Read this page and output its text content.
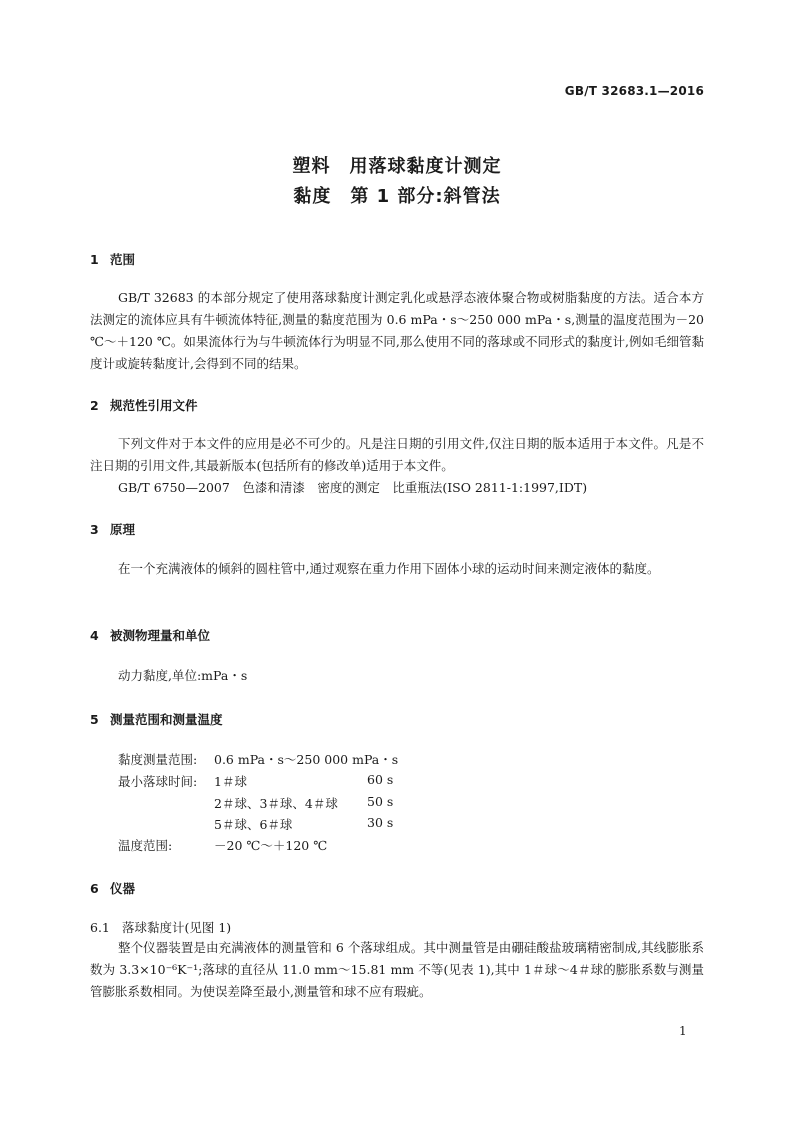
GB/T 32683.1—2016
塑料　用落球黏度计测定
黏度　第 1 部分:斜管法
1 范围
GB/T 32683 的本部分规定了使用落球黏度计测定乳化或悬浮态液体聚合物或树脂黏度的方法。适合本方法测定的流体应具有牛顿流体特征,测量的黏度范围为 0.6 mPa・s～250 000 mPa・s,测量的温度范围为－20 ℃～＋120 ℃。如果流体行为与牛顿流体行为明显不同,那么使用不同的落球或不同形式的黏度计,例如毛细管黏度计或旋转黏度计,会得到不同的结果。
2 规范性引用文件
下列文件对于本文件的应用是必不可少的。凡是注日期的引用文件,仅注日期的版本适用于本文件。凡是不注日期的引用文件,其最新版本(包括所有的修改单)适用于本文件。
GB/T 6750—2007　色漆和清漆　密度的测定　比重瓶法(ISO 2811-1:1997,IDT)
3 原理
在一个充满液体的倾斜的圆柱管中,通过观察在重力作用下固体小球的运动时间来测定液体的黏度。
4 被测物理量和单位
动力黏度,单位:mPa・s
5 测量范围和测量温度
黏度测量范围: 0.6 mPa・s～250 000 mPa・s
最小落球时间: 1＃球	60 s
2＃球、3＃球、4＃球 50 s
5＃球、6＃球	30 s
温度范围:	－20 ℃～＋120 ℃
6 仪器
6.1 落球黏度计(见图 1)
整个仪器装置是由充满液体的测量管和 6 个落球组成。其中测量管是由硼硅酸盐玻璃精密制成,其线膨胀系数为 3.3×10⁻⁶K⁻¹;落球的直径从 11.0 mm～15.81 mm 不等(见表 1),其中 1＃球～4＃球的膨胀系数与测量管膨胀系数相同。为使误差降至最小,测量管和球不应有瑕疵。
1
